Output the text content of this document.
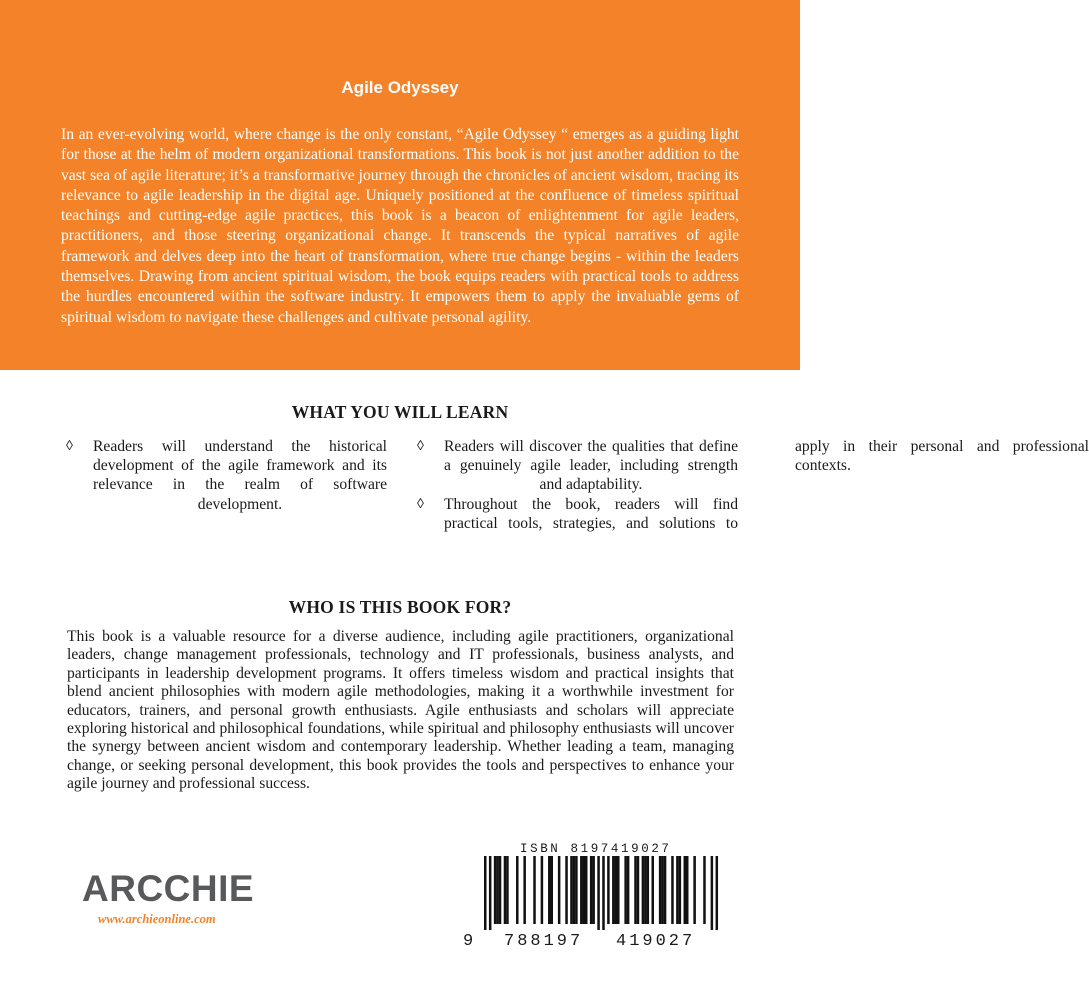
Agile Odyssey

In an ever-evolving world, where change is the only constant, “Agile Odyssey “ emerges as a guiding light for those at the helm of modern organizational transformations. This book is not just another addition to the vast sea of agile literature; it’s a transformative journey through the chronicles of ancient wisdom, tracing its relevance to agile leadership in the digital age. Uniquely positioned at the confluence of timeless spiritual teachings and cutting-edge agile practices, this book is a beacon of enlightenment for agile leaders, practitioners, and those steering organizational change. It transcends the typical narratives of agile framework and delves deep into the heart of transformation, where true change begins - within the leaders themselves. Drawing from ancient spiritual wisdom, the book equips readers with practical tools to address the hurdles encountered within the software industry. It empowers them to apply the invaluable gems of spiritual wisdom to navigate these challenges and cultivate personal agility.

WHAT YOU WILL LEARN
◊ Readers will understand the historical development of the agile framework and its relevance in the realm of software development.
◊ Readers will discover the qualities that define a genuinely agile leader, including strength and adaptability.
◊ Throughout the book, readers will find practical tools, strategies, and solutions to apply in their personal and professional contexts.
WHO IS THIS BOOK FOR?

This book is a valuable resource for a diverse audience, including agile practitioners, organizational leaders, change management professionals, technology and IT professionals, business analysts, and participants in leadership development programs. It offers timeless wisdom and practical insights that blend ancient philosophies with modern agile methodologies, making it a worthwhile investment for educators, trainers, and personal growth enthusiasts. Agile enthusiasts and scholars will appreciate exploring historical and philosophical foundations, while spiritual and philosophy enthusiasts will uncover the synergy between ancient wisdom and contemporary leadership. Whether leading a team, managing change, or seeking personal development, this book provides the tools and perspectives to enhance your agile journey and professional success.

ARCCHIE
www.archieonline.com
ISBN 8197419027
9 788197 419027
